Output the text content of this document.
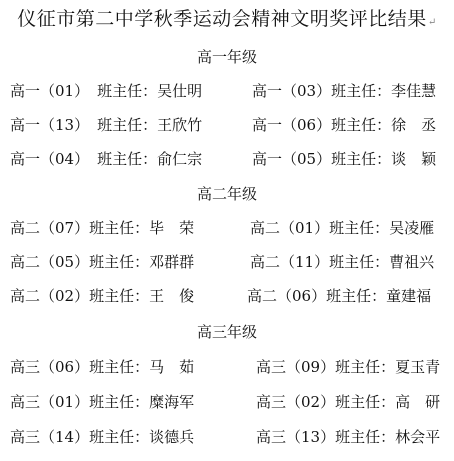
仪征市第二中学秋季运动会精神文明奖评比结果↵
高一年级
高一（01） 班主任：吴仕明	高一（03）班主任：李佳慧
高一（13） 班主任：王欣竹	高一（06）班主任：徐　丞
高一（04） 班主任：俞仁宗	高一（05）班主任：谈　颖
高二年级
高二（07）班主任：毕　荣	高二（01）班主任：吴凌雁
高二（05）班主任：邓群群	高二（11）班主任：曹祖兴
高二（02）班主任：王　俊	高二（06）班主任：童建福
高三年级
高三（06）班主任：马　茹	高三（09）班主任：夏玉青
高三（01）班主任：糜海军	高三（02）班主任：高　研
高三（14）班主任：谈德兵	高三（13）班主任：林会平
